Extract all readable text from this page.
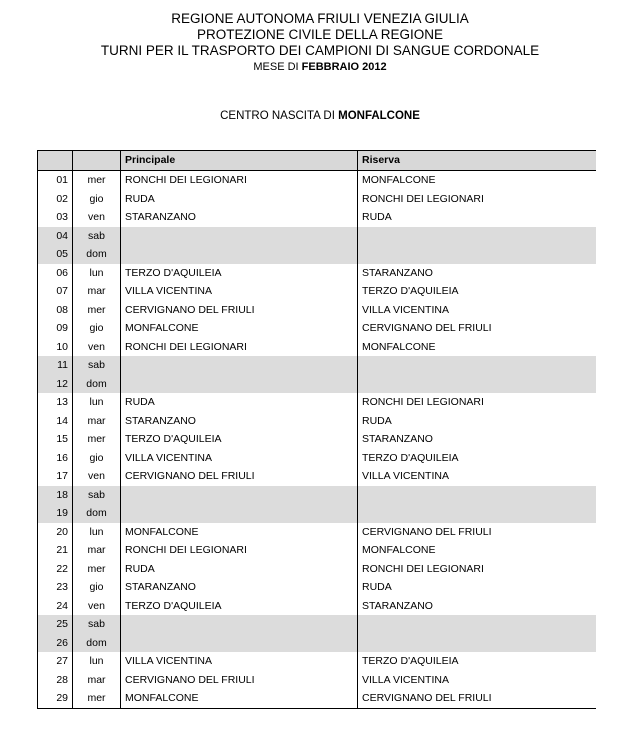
REGIONE AUTONOMA FRIULI VENEZIA GIULIA
PROTEZIONE CIVILE DELLA REGIONE
TURNI PER IL TRASPORTO DEI CAMPIONI DI SANGUE CORDONALE
MESE DI FEBBRAIO 2012
CENTRO NASCITA DI MONFALCONE
		Principale	Riserva
01	mer	RONCHI DEI LEGIONARI	MONFALCONE
02	gio	RUDA	RONCHI DEI LEGIONARI
03	ven	STARANZANO	RUDA
04	sab		
05	dom		
06	lun	TERZO D'AQUILEIA	STARANZANO
07	mar	VILLA VICENTINA	TERZO D'AQUILEIA
08	mer	CERVIGNANO DEL FRIULI	VILLA VICENTINA
09	gio	MONFALCONE	CERVIGNANO DEL FRIULI
10	ven	RONCHI DEI LEGIONARI	MONFALCONE
11	sab		
12	dom		
13	lun	RUDA	RONCHI DEI LEGIONARI
14	mar	STARANZANO	RUDA
15	mer	TERZO D'AQUILEIA	STARANZANO
16	gio	VILLA VICENTINA	TERZO D'AQUILEIA
17	ven	CERVIGNANO DEL FRIULI	VILLA VICENTINA
18	sab		
19	dom		
20	lun	MONFALCONE	CERVIGNANO DEL FRIULI
21	mar	RONCHI DEI LEGIONARI	MONFALCONE
22	mer	RUDA	RONCHI DEI LEGIONARI
23	gio	STARANZANO	RUDA
24	ven	TERZO D'AQUILEIA	STARANZANO
25	sab		
26	dom		
27	lun	VILLA VICENTINA	TERZO D'AQUILEIA
28	mar	CERVIGNANO DEL FRIULI	VILLA VICENTINA
29	mer	MONFALCONE	CERVIGNANO DEL FRIULI
